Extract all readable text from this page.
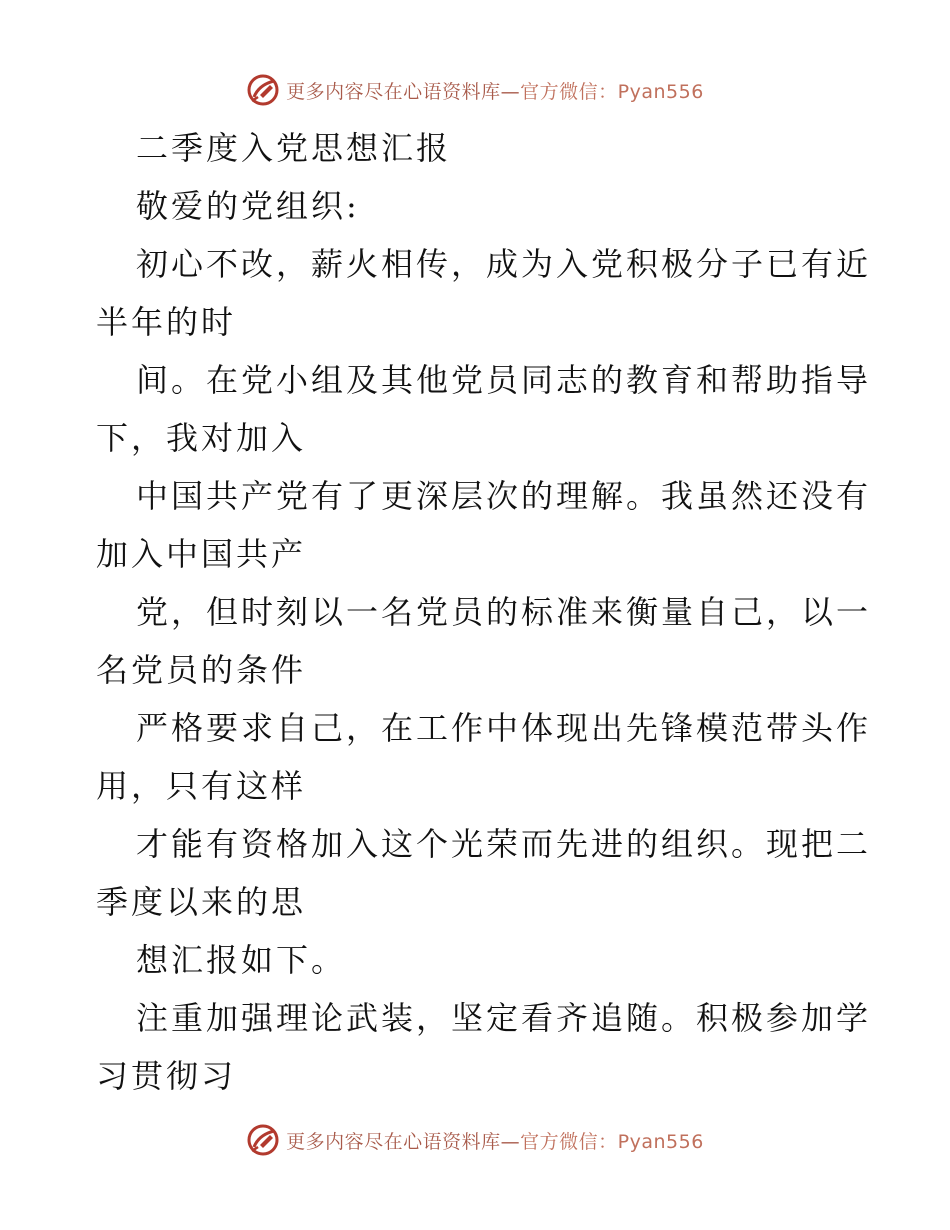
更多内容尽在心语资料库—官方微信：Pyan556
二季度入党思想汇报
敬爱的党组织:
初心不改，薪火相传，成为入党积极分子已有近
半年的时
间。在党小组及其他党员同志的教育和帮助指导
下，我对加入
中国共产党有了更深层次的理解。我虽然还没有
加入中国共产
党，但时刻以一名党员的标准来衡量自己，以一
名党员的条件
严格要求自己，在工作中体现出先锋模范带头作
用，只有这样
才能有资格加入这个光荣而先进的组织。现把二
季度以来的思
想汇报如下。
注重加强理论武装，坚定看齐追随。积极参加学
习贯彻习
更多内容尽在心语资料库—官方微信：Pyan556
